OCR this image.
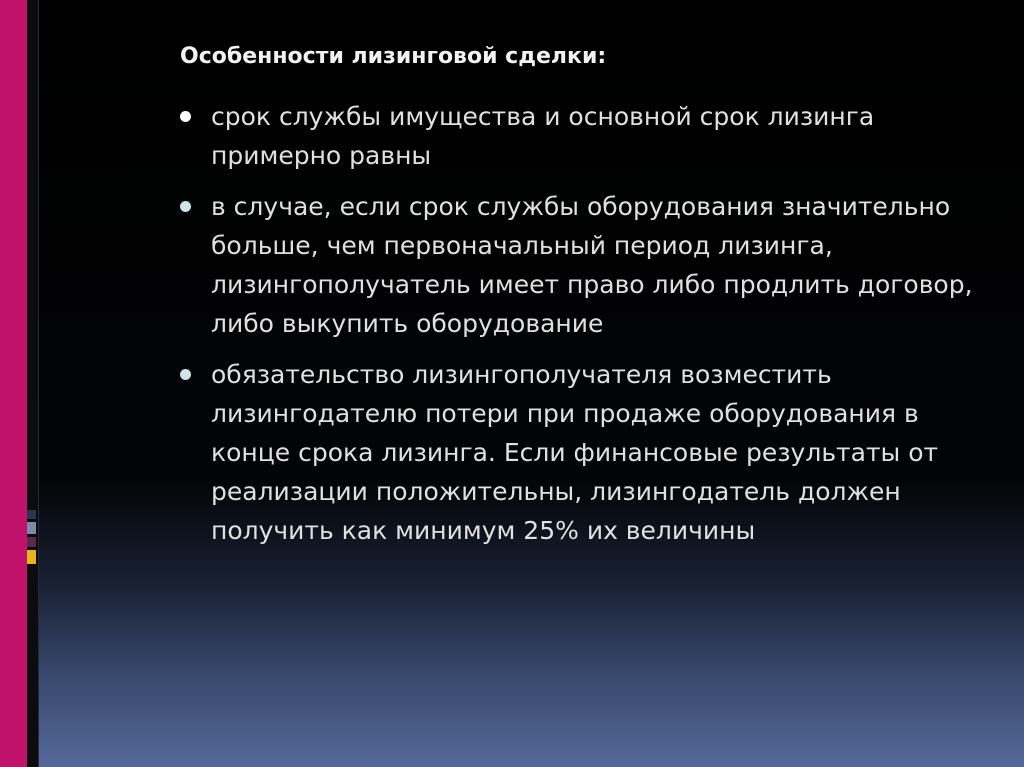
Особенности лизинговой сделки:
срок службы имущества и основной срок лизинга примерно равны
в случае, если срок службы оборудования значительно больше, чем первоначальный период лизинга, лизингополучатель имеет право либо продлить договор, либо выкупить оборудование
обязательство лизингополучателя возместить лизингодателю потери при продаже оборудования в конце срока лизинга. Если финансовые результаты от реализации положительны, лизингодатель должен получить как минимум 25% их величины
